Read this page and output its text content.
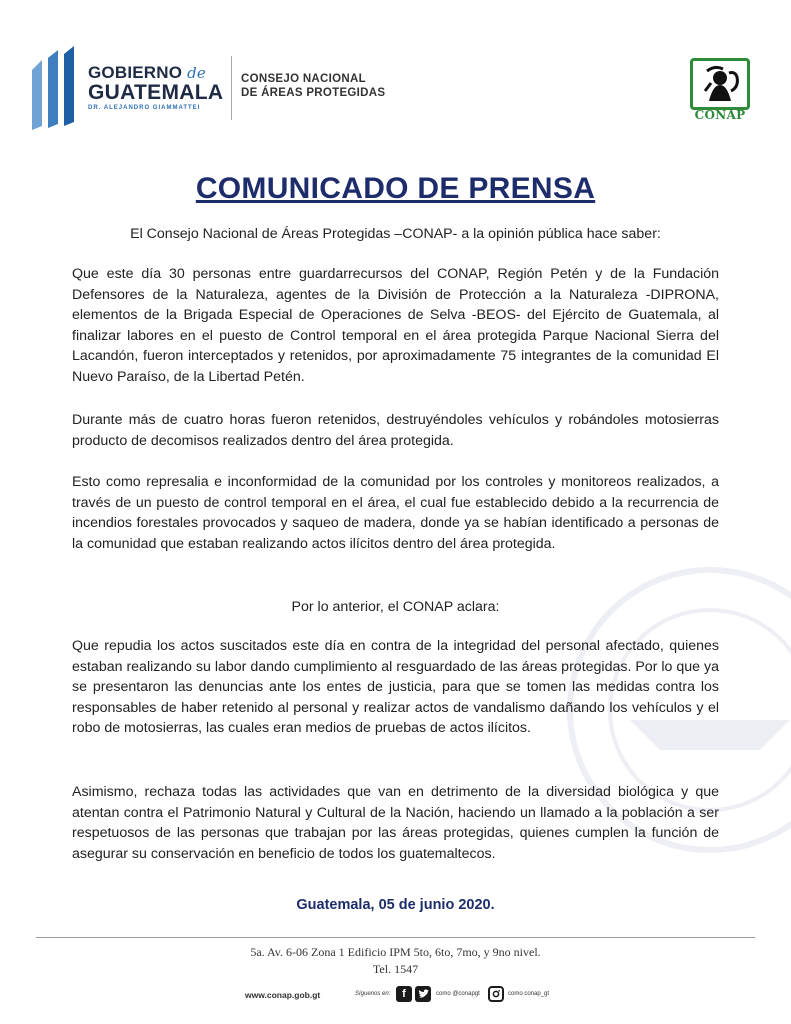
GOBIERNO de
GUATEMALA
DR. ALEJANDRO GIAMMATTEI
CONSEJO NACIONAL
DE ÁREAS PROTEGIDAS
CONAP
COMUNICADO DE PRENSA

El Consejo Nacional de Áreas Protegidas –CONAP- a la opinión pública hace saber:

Que este día 30 personas entre guardarrecursos del CONAP, Región Petén y de la Fundación Defensores de la Naturaleza, agentes de la División de Protección a la Naturaleza -DIPRONA, elementos de la Brigada Especial de Operaciones de Selva -BEOS- del Ejército de Guatemala, al finalizar labores en el puesto de Control temporal en el área protegida Parque Nacional Sierra del Lacandón, fueron interceptados y retenidos, por aproximadamente 75 integrantes de la comunidad El Nuevo Paraíso, de la Libertad Petén.

Durante más de cuatro horas fueron retenidos, destruyéndoles vehículos y robándoles motosierras producto de decomisos realizados dentro del área protegida.

Esto como represalia e inconformidad de la comunidad por los controles y monitoreos realizados, a través de un puesto de control temporal en el área, el cual fue establecido debido a la recurrencia de incendios forestales provocados y saqueo de madera, donde ya se habían identificado a personas de la comunidad que estaban realizando actos ilícitos dentro del área protegida.

Por lo anterior, el CONAP aclara:

Que repudia los actos suscitados este día en contra de la integridad del personal afectado, quienes estaban realizando su labor dando cumplimiento al resguardado de las áreas protegidas. Por lo que ya se presentaron las denuncias ante los entes de justicia, para que se tomen las medidas contra los responsables de haber retenido al personal y realizar actos de vandalismo dañando los vehículos y el robo de motosierras, las cuales eran medios de pruebas de actos ilícitos.

Asimismo, rechaza todas las actividades que van en detrimento de la diversidad biológica y que atentan contra el Patrimonio Natural y Cultural de la Nación, haciendo un llamado a la población a ser respetuosos de las personas que trabajan por las áreas protegidas, quienes cumplen la función de asegurar su conservación en beneficio de todos los guatemaltecos.

Guatemala, 05 de junio 2020.
5a. Av. 6-06 Zona 1 Edificio IPM 5to, 6to, 7mo, y 9no nivel.
Tel. 1547
www.conap.gob.gt	Síguenos en:	f	como @conapgt	como conap_gt
